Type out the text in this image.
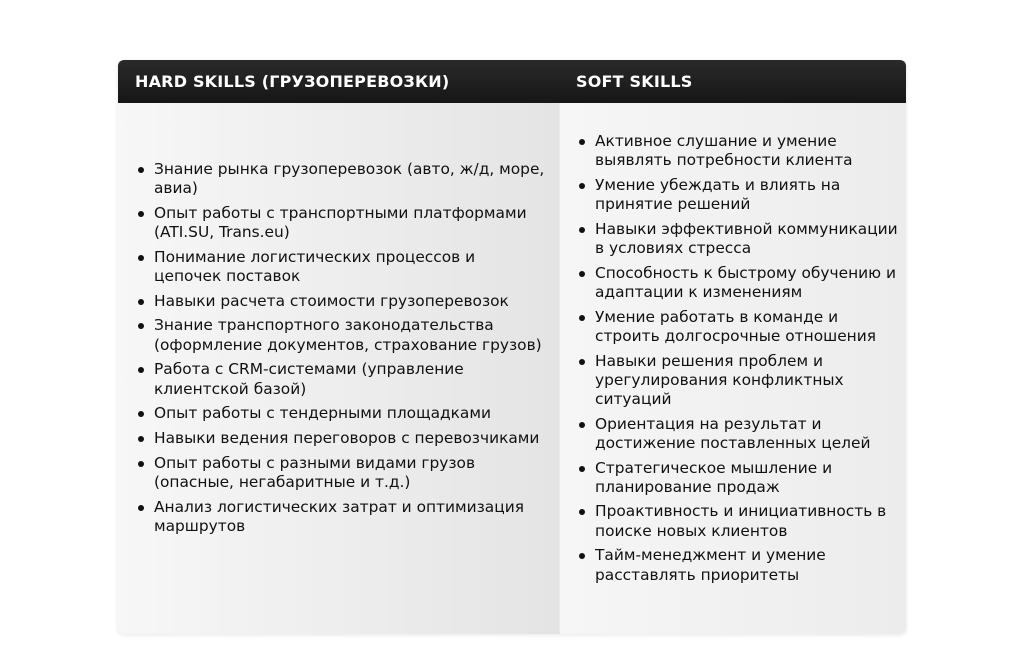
HARD SKILLS (ГРУЗОПЕРЕВОЗКИ)	SOFT SKILLS
Знание рынка грузоперевозок (авто, ж/д, море, авиа)
Опыт работы с транспортными платформами (ATI.SU, Trans.eu)
Понимание логистических процессов и цепочек поставок
Навыки расчета стоимости грузоперевозок
Знание транспортного законодательства (оформление документов, страхование грузов)
Работа с CRM-системами (управление клиентской базой)
Опыт работы с тендерными площадками
Навыки ведения переговоров с перевозчиками
Опыт работы с разными видами грузов (опасные, негабаритные и т.д.)
Анализ логистических затрат и оптимизация маршрутов
Активное слушание и умение выявлять потребности клиента
Умение убеждать и влиять на принятие решений
Навыки эффективной коммуникации в условиях стресса
Способность к быстрому обучению и адаптации к изменениям
Умение работать в команде и строить долгосрочные отношения
Навыки решения проблем и урегулирования конфликтных ситуаций
Ориентация на результат и достижение поставленных целей
Стратегическое мышление и планирование продаж
Проактивность и инициативность в поиске новых клиентов
Тайм-менеджмент и умение расставлять приоритеты
